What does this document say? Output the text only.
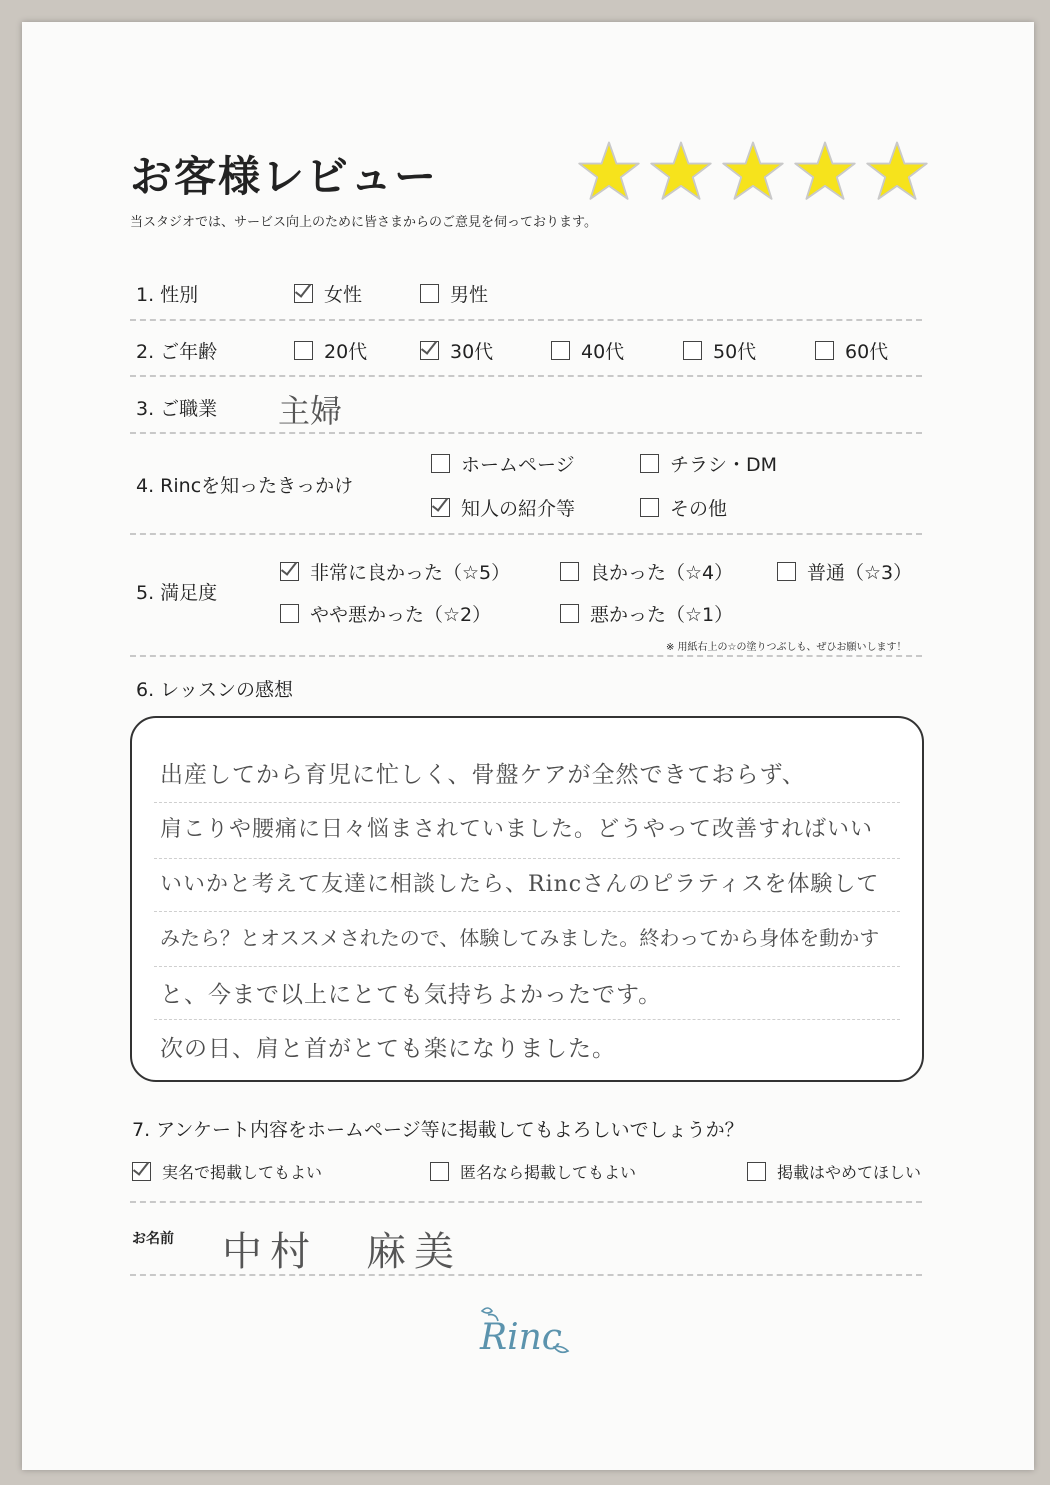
お客様レビュー
当スタジオでは、サービス向上のために皆さまからのご意見を伺っております。
1. 性別	女性	男性
2. ご年齢	20代	30代	40代	50代	60代
3. ご職業 主婦
4. Rincを知ったきっかけ
ホームページ	チラシ・DM
知人の紹介等	その他
5. 満足度
非常に良かった（☆5）	良かった（☆4）	普通（☆3）
やや悪かった（☆2）	悪かった（☆1）
※ 用紙右上の☆の塗りつぶしも、ぜひお願いします！
6. レッスンの感想
出産してから育児に忙しく、骨盤ケアが全然できておらず、
肩こりや腰痛に日々悩まされていました。どうやって改善すればいい
いいかと考えて友達に相談したら、Rincさんのピラティスを体験して
みたら？とオススメされたので、体験してみました。終わってから身体を動かす
と、今まで以上にとても気持ちよかったです。
次の日、肩と首がとても楽になりました。
7. アンケート内容をホームページ等に掲載してもよろしいでしょうか？
実名で掲載してもよい	匿名なら掲載してもよい	掲載はやめてほしい
お名前 中村　麻美
Rinc
